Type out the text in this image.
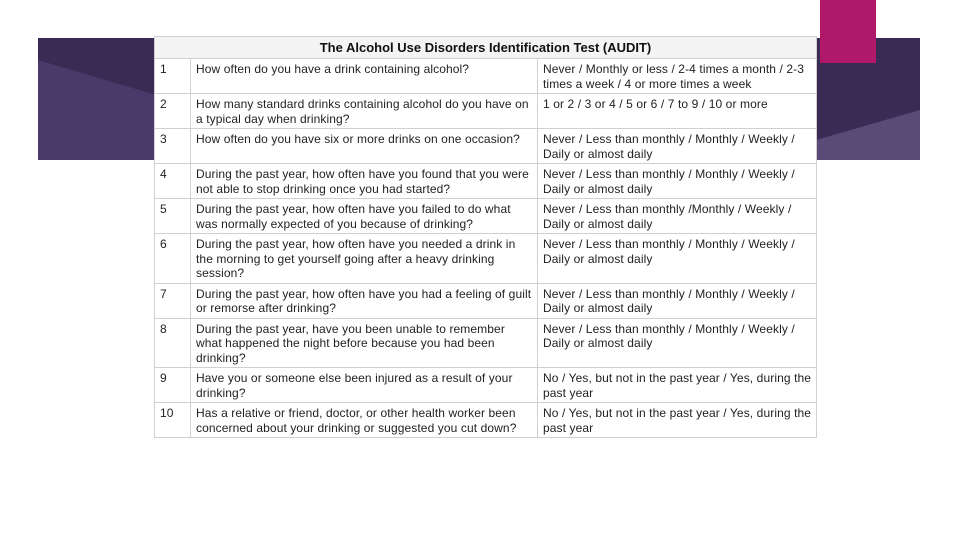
The Alcohol Use Disorders Identification Test (AUDIT)		
1	How often do you have a drink containing alcohol?	Never / Monthly or less / 2-4 times a month / 2-3 times a week / 4 or more times a week
2	How many standard drinks containing alcohol do you have on a typical day when drinking?	1 or 2 / 3 or 4 / 5 or 6 / 7 to 9 / 10 or more
3	How often do you have six or more drinks on one occasion?	Never / Less than monthly / Monthly / Weekly / Daily or almost daily
4	During the past year, how often have you found that you were not able to stop drinking once you had started?	Never / Less than monthly / Monthly / Weekly / Daily or almost daily
5	During the past year, how often have you failed to do what was normally expected of you because of drinking?	Never / Less than monthly /Monthly / Weekly / Daily or almost daily
6	During the past year, how often have you needed a drink in the morning to get yourself going after a heavy drinking session?	Never / Less than monthly / Monthly / Weekly / Daily or almost daily
7	During the past year, how often have you had a feeling of guilt or remorse after drinking?	Never / Less than monthly / Monthly / Weekly / Daily or almost daily
8	During the past year, have you been unable to remember what happened the night before because you had been drinking?	Never / Less than monthly / Monthly / Weekly / Daily or almost daily
9	Have you or someone else been injured as a result of your drinking?	No / Yes, but not in the past year / Yes, during the past year
10	Has a relative or friend, doctor, or other health worker been concerned about your drinking or suggested you cut down?	No / Yes, but not in the past year / Yes, during the past year
